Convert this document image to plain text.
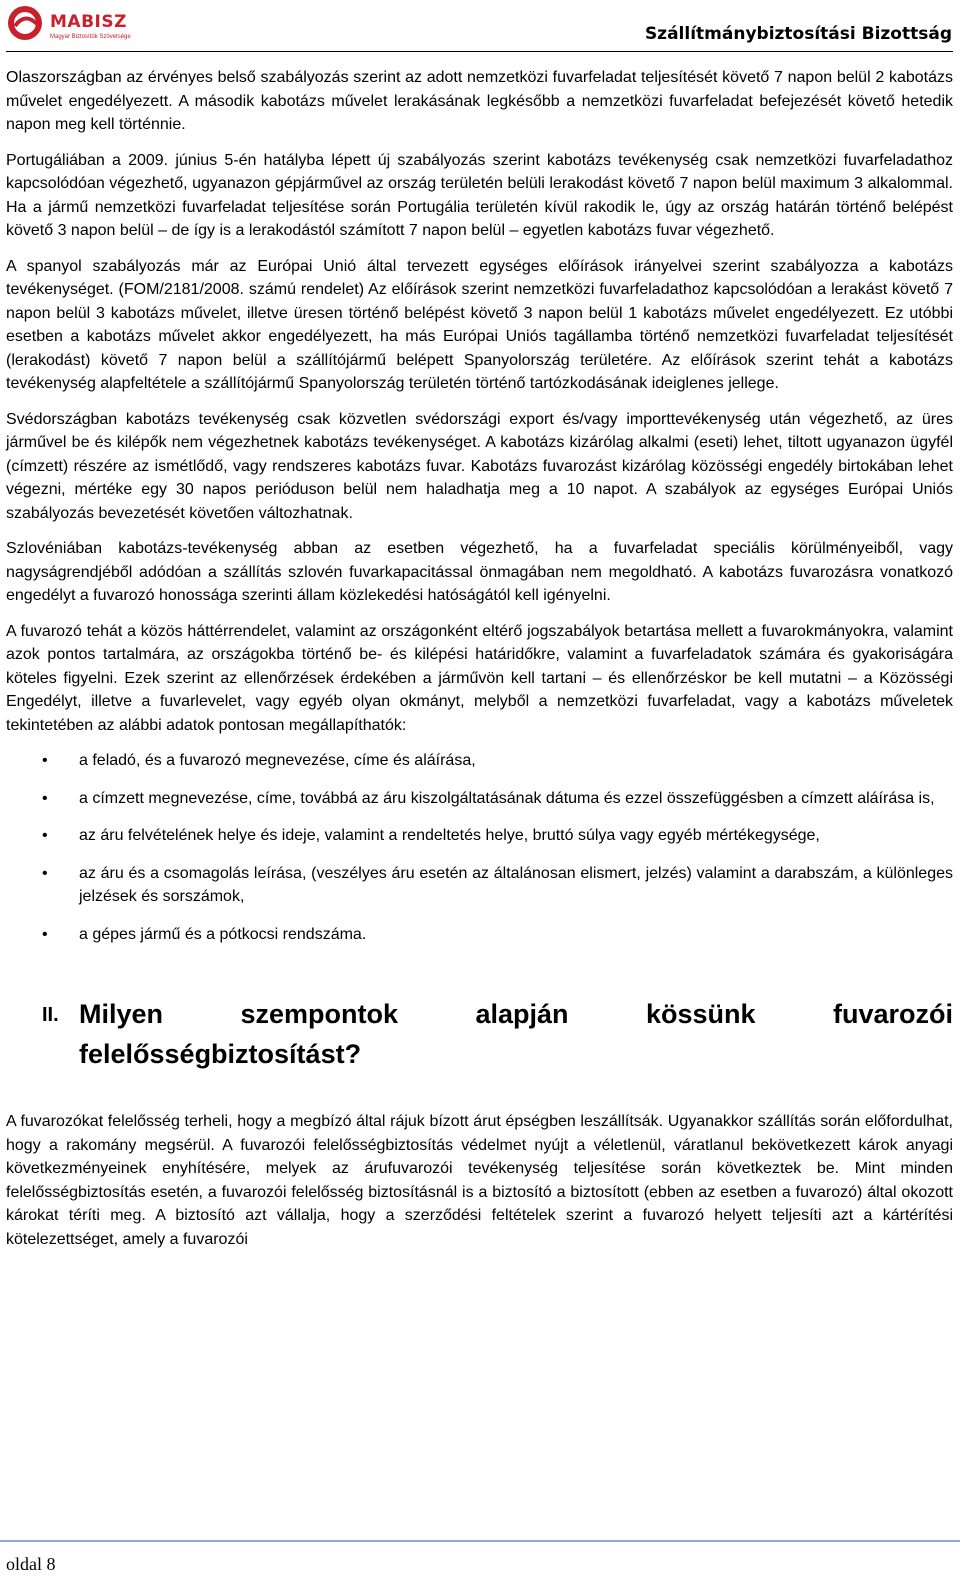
MABISZ
Magyar Biztosítók Szövetsége	Szállítmánybiztosítási Bizottság

Olaszországban az érvényes belső szabályozás szerint az adott nemzetközi fuvarfeladat teljesítését követő 7 napon belül 2 kabotázs művelet engedélyezett. A második kabotázs művelet lerakásának legkésőbb a nemzetközi fuvarfeladat befejezését követő hetedik napon meg kell történnie.

Portugáliában a 2009. június 5-én hatályba lépett új szabályozás szerint kabotázs tevékenység csak nemzetközi fuvarfeladathoz kapcsolódóan végezhető, ugyanazon gépjárművel az ország területén belüli lerakodást követő 7 napon belül maximum 3 alkalommal. Ha a jármű nemzetközi fuvarfeladat teljesítése során Portugália területén kívül rakodik le, úgy az ország határán történő belépést követő 3 napon belül – de így is a lerakodástól számított 7 napon belül – egyetlen kabotázs fuvar végezhető.

A spanyol szabályozás már az Európai Unió által tervezett egységes előírások irányelvei szerint szabályozza a kabotázs tevékenységet. (FOM/2181/2008. számú rendelet) Az előírások szerint nemzetközi fuvarfeladathoz kapcsolódóan a lerakást követő 7 napon belül 3 kabotázs művelet, illetve üresen történő belépést követő 3 napon belül 1 kabotázs művelet engedélyezett. Ez utóbbi esetben a kabotázs művelet akkor engedélyezett, ha más Európai Uniós tagállamba történő nemzetközi fuvarfeladat teljesítését (lerakodást) követő 7 napon belül a szállítójármű belépett Spanyolország területére. Az előírások szerint tehát a kabotázs tevékenység alapfeltétele a szállítójármű Spanyolország területén történő tartózkodásának ideiglenes jellege.

Svédországban kabotázs tevékenység csak közvetlen svédországi export és/vagy importtevékenység után végezhető, az üres járművel be és kilépők nem végezhetnek kabotázs tevékenységet. A kabotázs kizárólag alkalmi (eseti) lehet, tiltott ugyanazon ügyfél (címzett) részére az ismétlődő, vagy rendszeres kabotázs fuvar. Kabotázs fuvarozást kizárólag közösségi engedély birtokában lehet végezni, mértéke egy 30 napos perióduson belül nem haladhatja meg a 10 napot. A szabályok az egységes Európai Uniós szabályozás bevezetését követően változhatnak.

Szlovéniában kabotázs-tevékenység abban az esetben végezhető, ha a fuvarfeladat speciális körülményeiből, vagy nagyságrendjéből adódóan a szállítás szlovén fuvarkapacitással önmagában nem megoldható. A kabotázs fuvarozásra vonatkozó engedélyt a fuvarozó honossága szerinti állam közlekedési hatóságától kell igényelni.

A fuvarozó tehát a közös háttérrendelet, valamint az országonként eltérő jogszabályok betartása mellett a fuvarokmányokra, valamint azok pontos tartalmára, az országokba történő be- és kilépési határidőkre, valamint a fuvarfeladatok számára és gyakoriságára köteles figyelni. Ezek szerint az ellenőrzések érdekében a járművön kell tartani – és ellenőrzéskor be kell mutatni – a Közösségi Engedélyt, illetve a fuvarlevelet, vagy egyéb olyan okmányt, melyből a nemzetközi fuvarfeladat, vagy a kabotázs műveletek tekintetében az alábbi adatok pontosan megállapíthatók:

• a feladó, és a fuvarozó megnevezése, címe és aláírása,
• a címzett megnevezése, címe, továbbá az áru kiszolgáltatásának dátuma és ezzel összefüggésben a címzett aláírása is,
• az áru felvételének helye és ideje, valamint a rendeltetés helye, bruttó súlya vagy egyéb mértékegysége,
• az áru és a csomagolás leírása, (veszélyes áru esetén az általánosan elismert, jelzés) valamint a darabszám, a különleges jelzések és sorszámok,
• a gépes jármű és a pótkocsi rendszáma.
II. Milyen szempontok alapján kössünk fuvarozói
felelősségbiztosítást?

A fuvarozókat felelősség terheli, hogy a megbízó által rájuk bízott árut épségben leszállítsák. Ugyanakkor szállítás során előfordulhat, hogy a rakomány megsérül. A fuvarozói felelősségbiztosítás védelmet nyújt a véletlenül, váratlanul bekövetkezett károk anyagi következményeinek enyhítésére, melyek az árufuvarozói tevékenység teljesítése során következtek be. Mint minden felelősségbiztosítás esetén, a fuvarozói felelősség biztosításnál is a biztosító a biztosított (ebben az esetben a fuvarozó) által okozott károkat téríti meg. A biztosító azt vállalja, hogy a szerződési feltételek szerint a fuvarozó helyett teljesíti azt a kártérítési kötelezettséget, amely a fuvarozói

oldal 8
